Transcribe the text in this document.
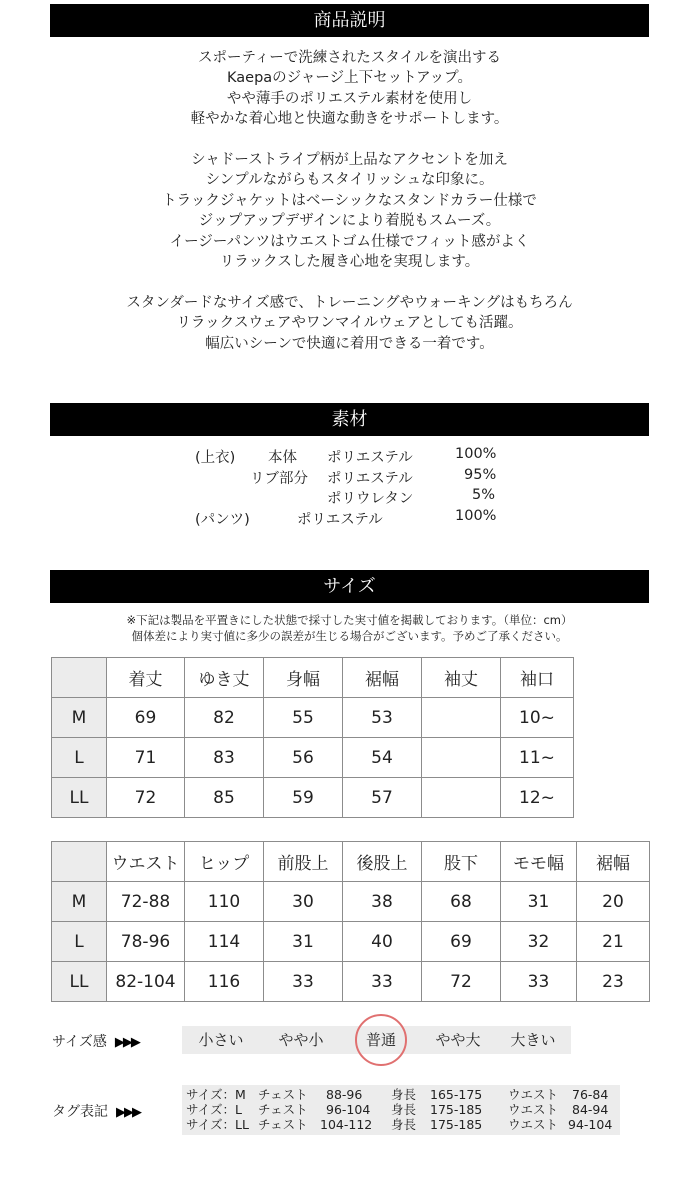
商品説明
スポーティーで洗練されたスタイルを演出する
Kaepaのジャージ上下セットアップ。
やや薄手のポリエステル素材を使用し
軽やかな着心地と快適な動きをサポートします。
シャドーストライプ柄が上品なアクセントを加え
シンプルながらもスタイリッシュな印象に。
トラックジャケットはベーシックなスタンドカラー仕様で
ジップアップデザインにより着脱もスムーズ。
イージーパンツはウエストゴム仕様でフィット感がよく
リラックスした履き心地を実現します。
スタンダードなサイズ感で、トレーニングやウォーキングはもちろん
リラックスウェアやワンマイルウェアとしても活躍。
幅広いシーンで快適に着用できる一着です。
素材
(上衣) 本体 ポリエステル	100%
リブ部分 ポリエステル	95%
ポリウレタン	5%
(パンツ)	ポリエステル	100%
サイズ
※下記は製品を平置きにした状態で採寸した実寸値を掲載しております。（単位：cm）
個体差により実寸値に多少の誤差が生じる場合がございます。予めご了承ください。
	着丈	ゆき丈	身幅	裾幅	袖丈	袖口
M	69	82	55	53		10~
L	71	83	56	54		11~
LL	72	85	59	57		12~
	ウエスト	ヒップ	前股上	後股上	股下	モモ幅	裾幅
M	72-88	110	30	38	68	31	20
L	78-96	114	31	40	69	32	21
LL	82-104	116	33	33	72	33	23
サイズ感 ▶▶▶	小さい	やや小	普通	やや大	大きい
タグ表記 ▶▶▶
サイズ：M チェスト 88-96 身長 165-175 ウエスト 76-84
サイズ：L チェスト 96-104 身長 175-185 ウエスト 84-94
サイズ：LL チェスト 104-112 身長 175-185 ウエスト 94-104
